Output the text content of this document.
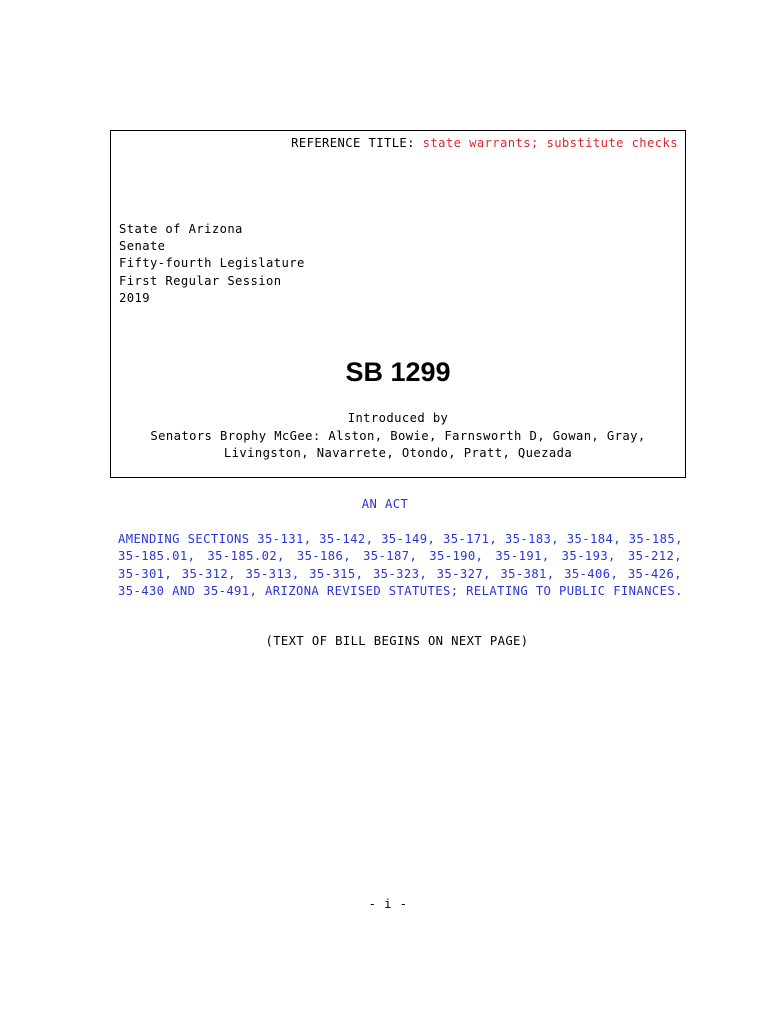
REFERENCE TITLE: state warrants; substitute checks
State of Arizona
Senate
Fifty-fourth Legislature
First Regular Session
2019
SB 1299
Introduced by
Senators Brophy McGee: Alston, Bowie, Farnsworth D, Gowan, Gray,
Livingston, Navarrete, Otondo, Pratt, Quezada
AN ACT
AMENDING SECTIONS 35-131, 35-142, 35-149, 35-171, 35-183, 35-184, 35-185,
35-185.01, 35-185.02, 35-186, 35-187, 35-190, 35-191, 35-193, 35-212,
35-301, 35-312, 35-313, 35-315, 35-323, 35-327, 35-381, 35-406, 35-426,
35-430 AND 35-491, ARIZONA REVISED STATUTES; RELATING TO PUBLIC FINANCES.
(TEXT OF BILL BEGINS ON NEXT PAGE)
- i -
